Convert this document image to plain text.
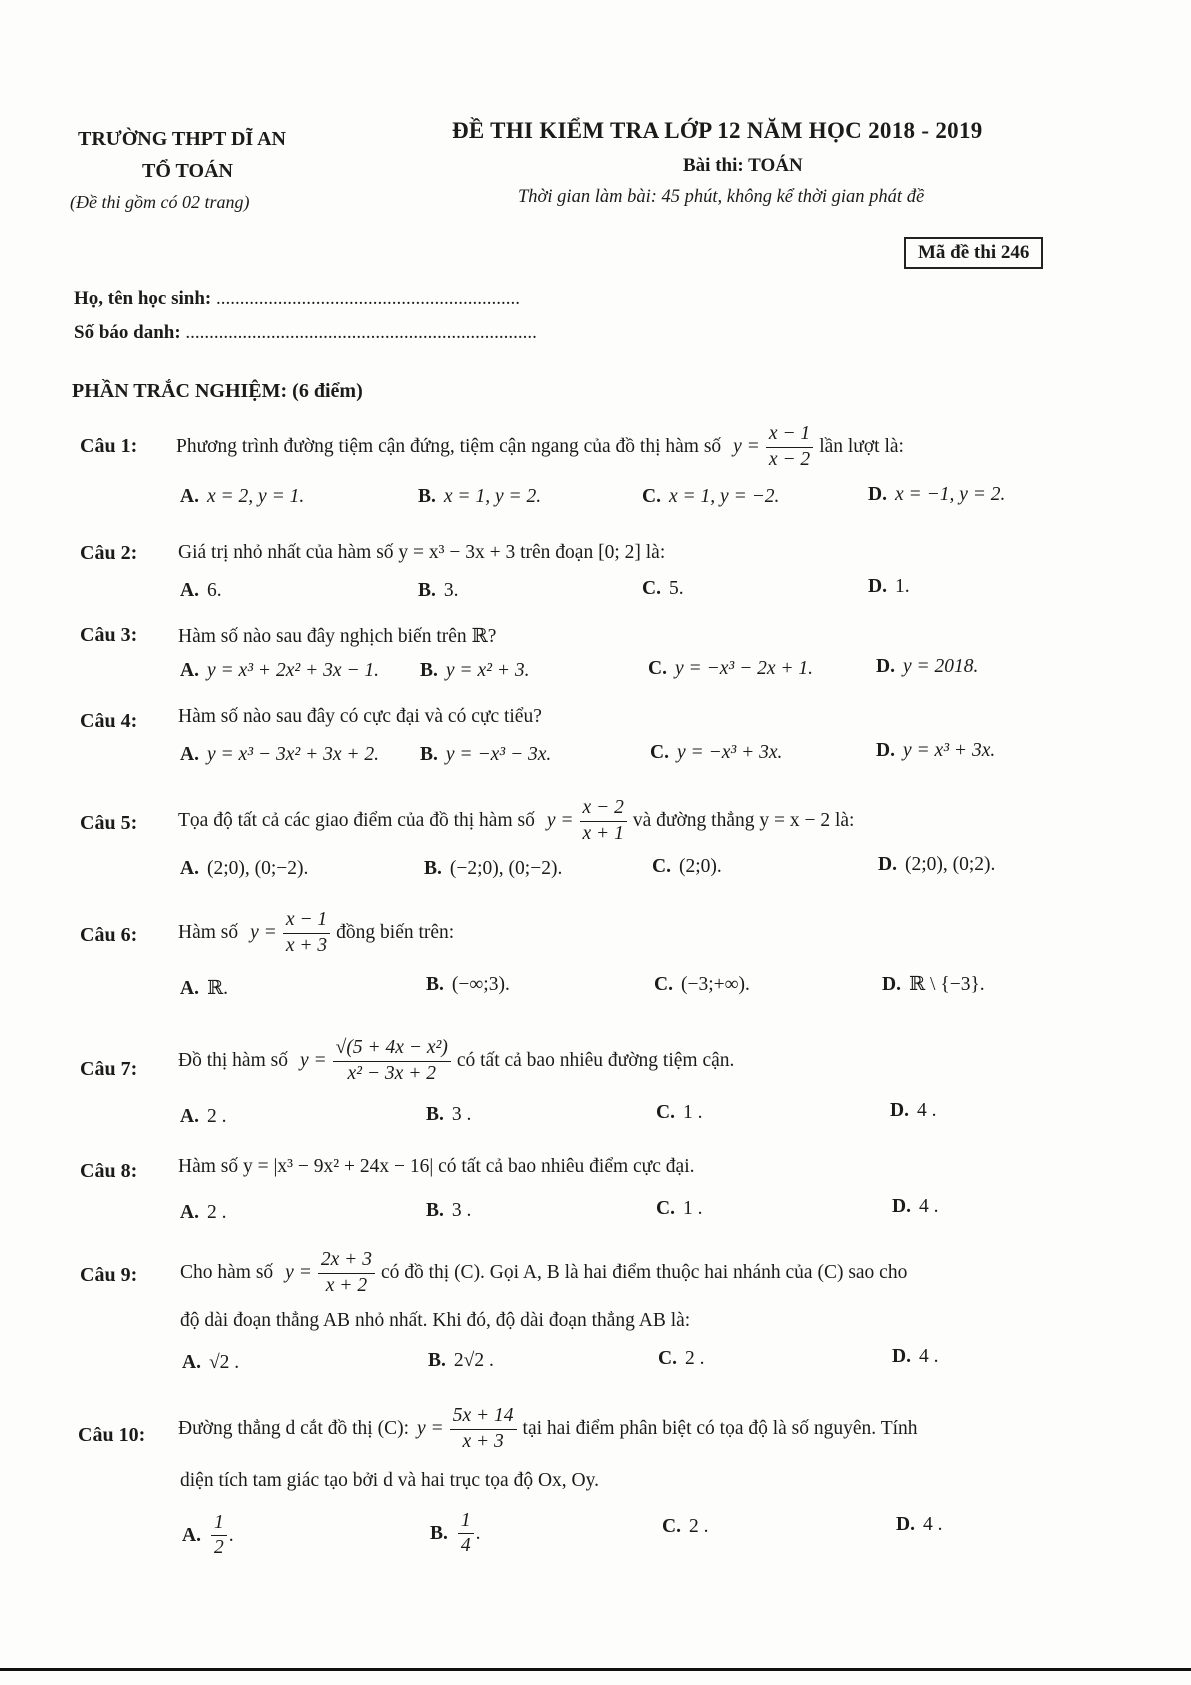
TRƯỜNG THPT DĨ AN
TỔ TOÁN
(Đề thi gồm có 02 trang)
ĐỀ THI KIỂM TRA LỚP 12 NĂM HỌC 2018 - 2019
Bài thi: TOÁN
Thời gian làm bài: 45 phút, không kể thời gian phát đề
Mã đề thi 246
Họ, tên học sinh: ................................................................
Số báo danh: ..........................................................................
PHẦN TRẮC NGHIỆM: (6 điểm)
Câu 1: Phương trình đường tiệm cận đứng, tiệm cận ngang của đồ thị hàm số $y = \frac{x - 1}{x - 2}$ lần lượt là:
A. x = 2, y = 1.	B. x = 1, y = 2.	C. x = 1, y = −2.	D. x = −1, y = 2.
Câu 2: Giá trị nhỏ nhất của hàm số y = x³ − 3x + 3 trên đoạn [0; 2] là:
A. 6.	B. 3.	C. 5.	D. 1.
Câu 3: Hàm số nào sau đây nghịch biến trên ℝ?
A. y = x³ + 2x² + 3x − 1. B. y = x² + 3.	C. y = −x³ − 2x + 1.	D. y = 2018.
Câu 4: Hàm số nào sau đây có cực đại và có cực tiểu?
A. y = x³ − 3x² + 3x + 2. B. y = −x³ − 3x.	C. y = −x³ + 3x.	D. y = x³ + 3x.
Câu 5: Tọa độ tất cả các giao điểm của đồ thị hàm số $y = \frac{x - 2}{x + 1}$ và đường thẳng y = x − 2 là:
A. (2;0), (0;−2).	B. (−2;0), (0;−2).	C. (2;0).	D. (2;0), (0;2).
Câu 6: Hàm số $y = \frac{x - 1}{x + 3}$ đồng biến trên:
A. ℝ.	B. (−∞;3).	C. (−3;+∞).	D. ℝ \ {−3}.
Câu 7: Đồ thị hàm số $y = \frac{\text{√(5 + 4x − x²)}}{\text{x² − 3x + 2}}$ có tất cả bao nhiêu đường tiệm cận.
A. 2 .	B. 3 .	C. 1 .	D. 4 .
Câu 8: Hàm số y = |x³ − 9x² + 24x − 16| có tất cả bao nhiêu điểm cực đại.
A. 2 .	B. 3 .	C. 1 .	D. 4 .
Câu 9: Cho hàm số $y = \frac{2x + 3}{x + 2}$ có đồ thị (C). Gọi A, B là hai điểm thuộc hai nhánh của (C) sao cho
độ dài đoạn thẳng AB nhỏ nhất. Khi đó, độ dài đoạn thẳng AB là:
A. √2 .	B. 2√2 .	C. 2 .	D. 4 .
Câu 10: Đường thẳng d cắt đồ thị (C): $y = \frac{5x + 14}{x + 3}$ tại hai điểm phân biệt có tọa độ là số nguyên. Tính
diện tích tam giác tạo bởi d và hai trục tọa độ Ox, Oy.
A. $\frac{1}{2}$ .	B. $\frac{1}{4}$ .	C. 2 .	D. 4 .
